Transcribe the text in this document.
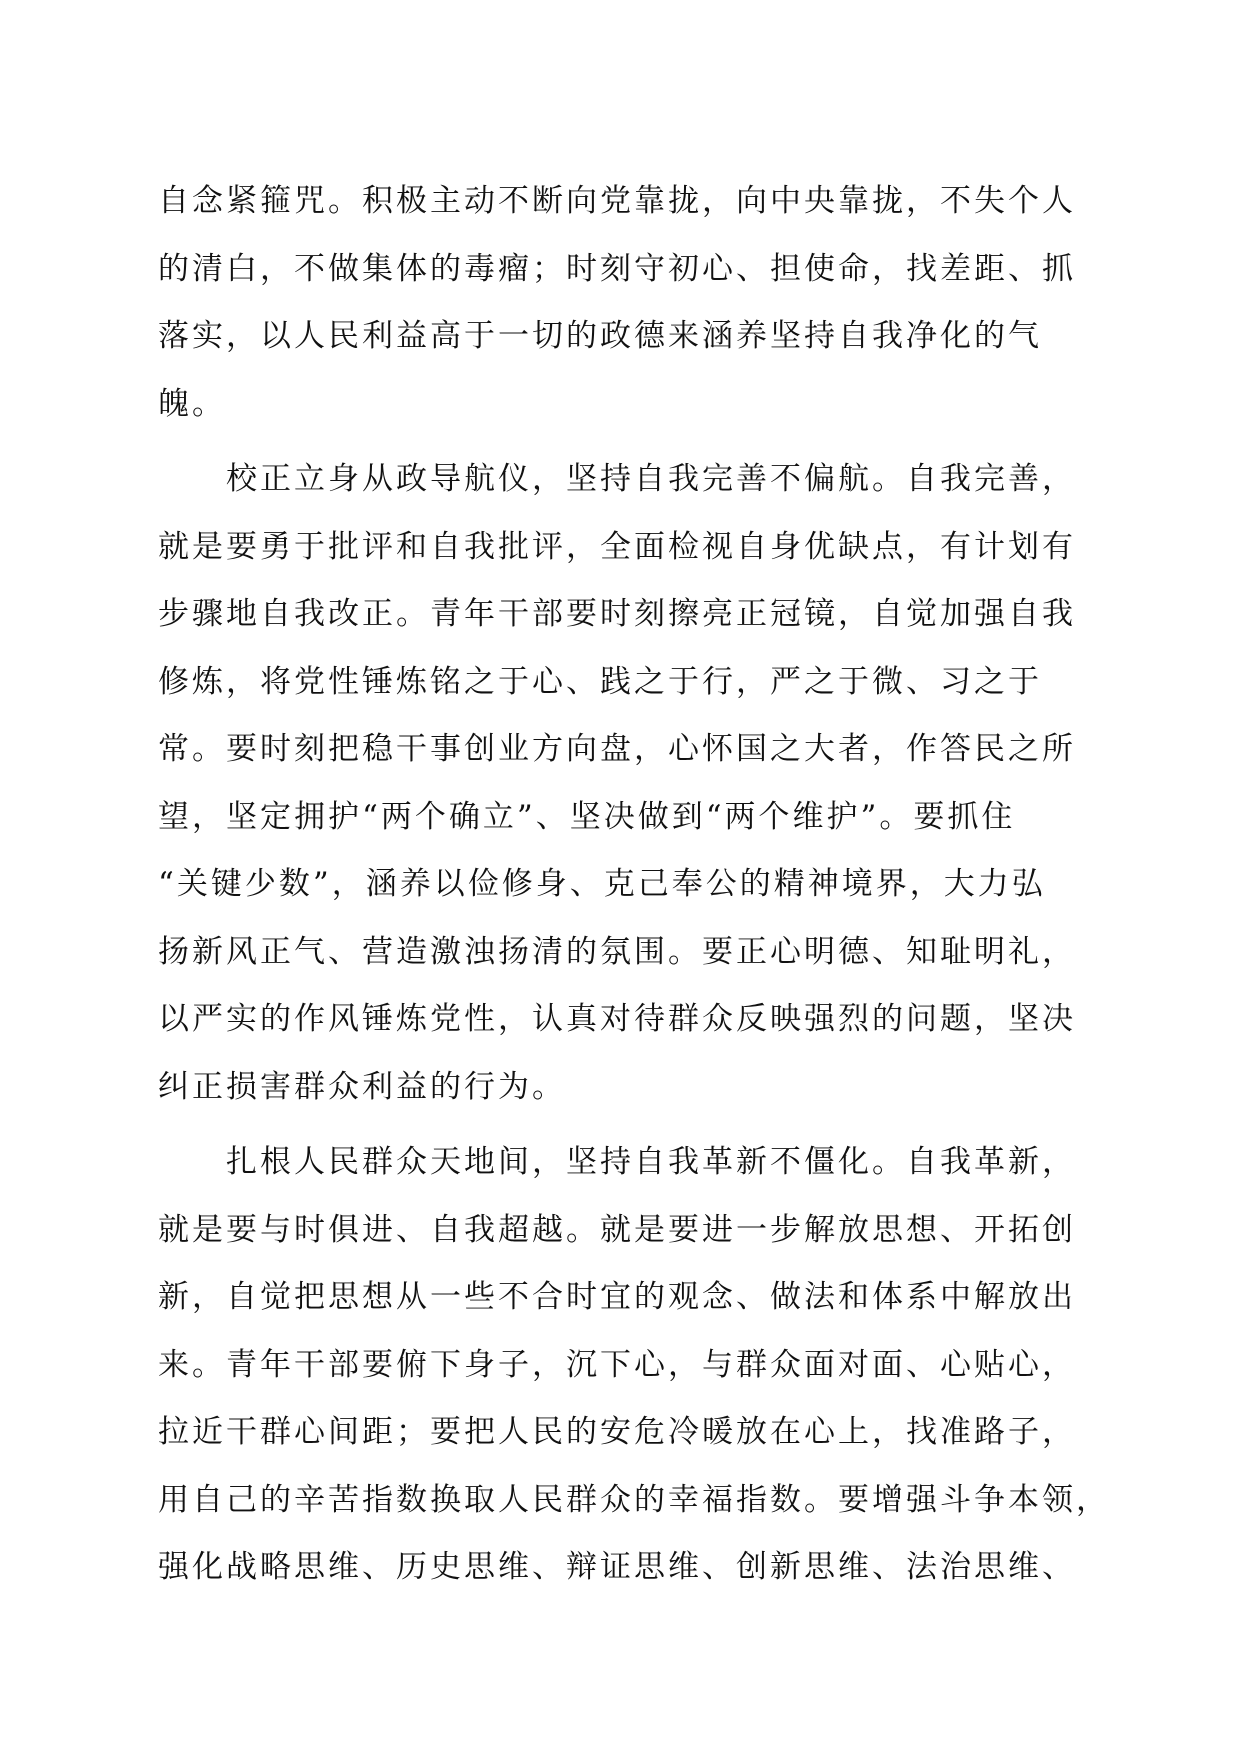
自念紧箍咒。积极主动不断向党靠拢，向中央靠拢，不失个人
的清白，不做集体的毒瘤；时刻守初心、担使命，找差距、抓
落实，以人民利益高于一切的政德来涵养坚持自我净化的气
魄。
　　校正立身从政导航仪，坚持自我完善不偏航。自我完善，
就是要勇于批评和自我批评，全面检视自身优缺点，有计划有
步骤地自我改正。青年干部要时刻擦亮正冠镜，自觉加强自我
修炼，将党性锤炼铭之于心、践之于行，严之于微、习之于
常。要时刻把稳干事创业方向盘，心怀国之大者，作答民之所
望，坚定拥护“两个确立”、坚决做到“两个维护”。要抓住
“关键少数”，涵养以俭修身、克己奉公的精神境界，大力弘
扬新风正气、营造激浊扬清的氛围。要正心明德、知耻明礼，
以严实的作风锤炼党性，认真对待群众反映强烈的问题，坚决
纠正损害群众利益的行为。
　　扎根人民群众天地间，坚持自我革新不僵化。自我革新，
就是要与时俱进、自我超越。就是要进一步解放思想、开拓创
新，自觉把思想从一些不合时宜的观念、做法和体系中解放出
来。青年干部要俯下身子，沉下心，与群众面对面、心贴心，
拉近干群心间距；要把人民的安危冷暖放在心上，找准路子，
用自己的辛苦指数换取人民群众的幸福指数。要增强斗争本领，
强化战略思维、历史思维、辩证思维、创新思维、法治思维、
